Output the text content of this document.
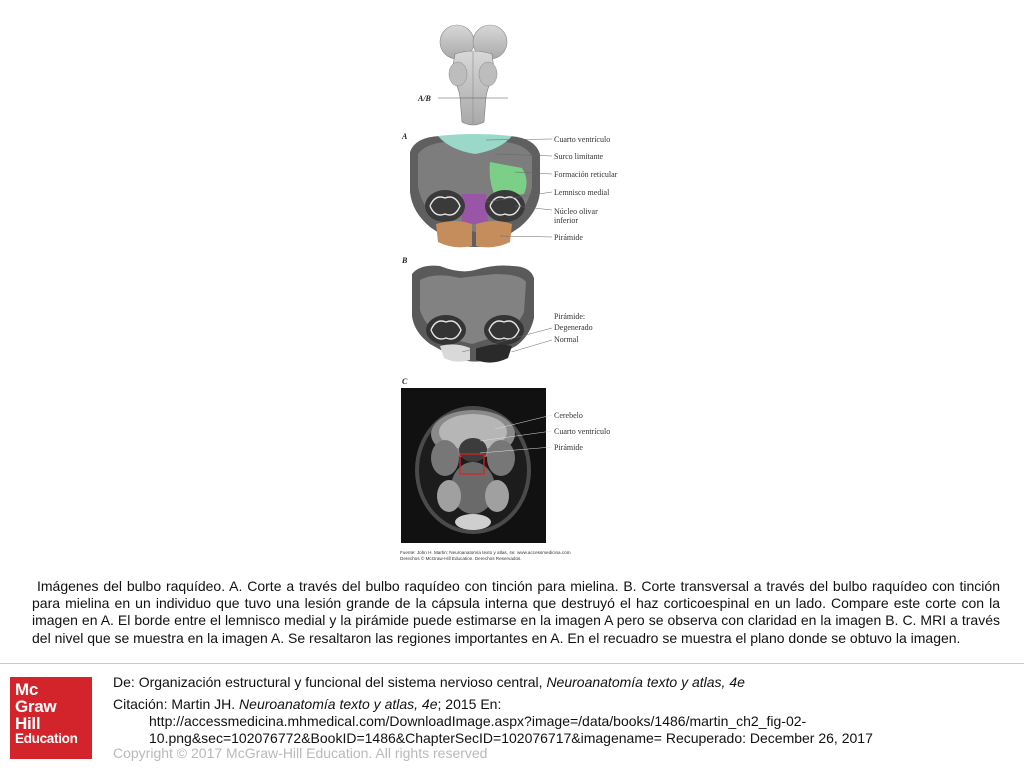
A/B
A	Cuarto ventrículo
Surco limitante
Formación reticular
Lemnisco medial
Núcleo olivar inferior
Pirámide
B
Pirámide:
Degenerado
Normal
C
Cerebelo
Cuarto ventrículo
Pirámide
Fuente: John H. Martin: Neuroanatomía texto y atlas, 4e: www.accessmedicina.com
Derechos © McGraw-Hill Education. Derechos Reservados.
Imágenes del bulbo raquídeo. A. Corte a través del bulbo raquídeo con tinción para mielina. B. Corte transversal a través del bulbo raquídeo con tinción para mielina en un individuo que tuvo una lesión grande de la cápsula interna que destruyó el haz corticoespinal en un lado. Compare este corte con la imagen en A. El borde entre el lemnisco medial y la pirámide puede estimarse en la imagen A pero se observa con claridad en la imagen B. C. MRI a través del nivel que se muestra en la imagen A. Se resaltaron las regiones importantes en A. En el recuadro se muestra el plano donde se obtuvo la imagen.
Mc
Graw
Hill
Education
De: Organización estructural y funcional del sistema nervioso central, Neuroanatomía texto y atlas, 4e
Citación: Martin JH. Neuroanatomía texto y atlas, 4e; 2015 En:
http://accessmedicina.mhmedical.com/DownloadImage.aspx?image=/data/books/1486/martin_ch2_fig-02-
10.png&sec=102076772&BookID=1486&ChapterSecID=102076717&imagename= Recuperado: December 26, 2017
Copyright © 2017 McGraw-Hill Education. All rights reserved
